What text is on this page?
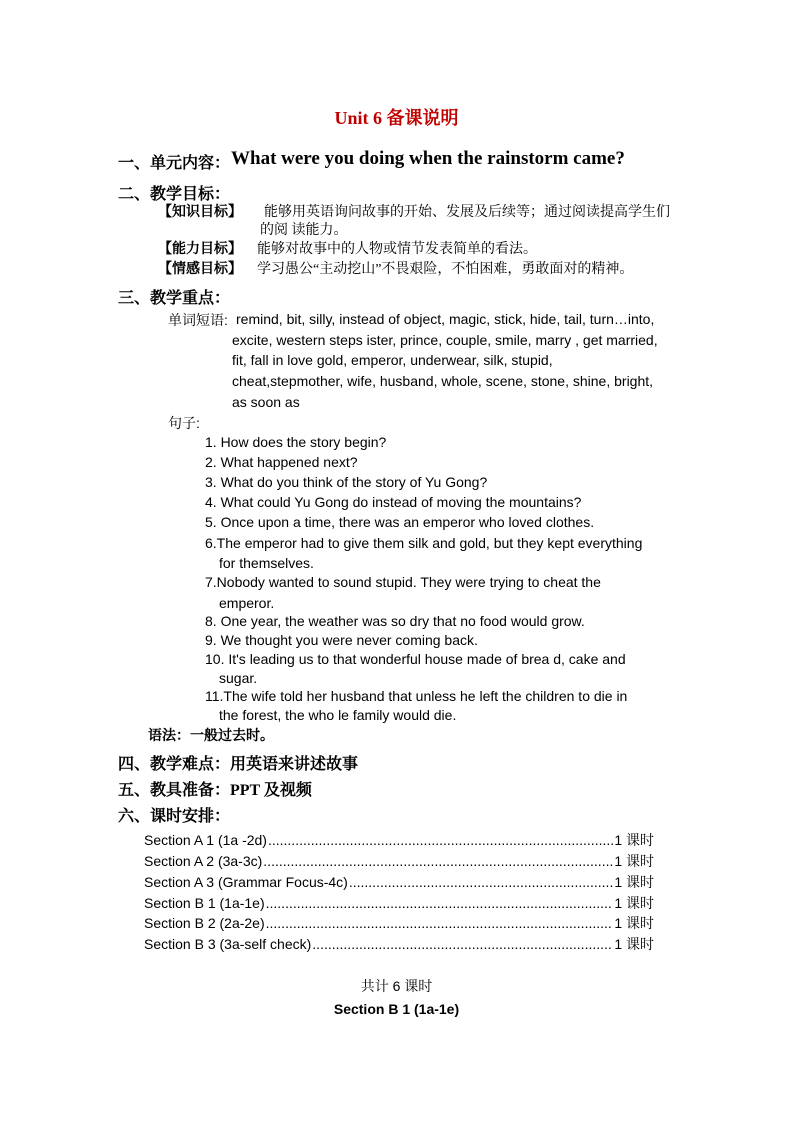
Unit 6 备课说明
一、单元内容： What were you doing when the rainstorm came?
二、教学目标：
【知识目标】 能够用英语询问故事的开始、发展及后续等；通过阅读提高学生们
的阅 读能力。
【能力目标】 能够对故事中的人物或情节发表简单的看法。
【情感目标】 学习愚公“主动挖山”不畏艰险，不怕困难，勇敢面对的精神。
三、教学重点：
单词短语: remind, bit, silly, instead of object, magic, stick, hide, tail, turn…into,
excite, western steps ister, prince, couple, smile, marry , get married,
fit, fall in love gold, emperor, underwear, silk, stupid,
cheat,stepmother, wife, husband, whole, scene, stone, shine, bright,
as soon as
句子:
1. How does the story begin?
2. What happened next?
3. What do you think of the story of Yu Gong?
4. What could Yu Gong do instead of moving the mountains?
5. Once upon a time, there was an emperor who loved clothes.
6.The emperor had to give them silk and gold, but they kept everything
for themselves.
7.Nobody wanted to sound stupid. They were trying to cheat the
emperor.
8. One year, the weather was so dry that no food would grow.
9. We thought you were never coming back.
10. It's leading us to that wonderful house made of brea d, cake and
sugar.
11.The wife told her husband that unless he left the children to die in
the forest, the who le family would die.
语法：一般过去时。
四、教学难点：用英语来讲述故事
五、教具准备：PPT 及视频
六、课时安排：
Section A 1 (1a -2d) .....	1 课时
Section A 2 (3a-3c) .....	1 课时
Section A 3 (Grammar Focus-4c) .....	1 课时
Section B 1 (1a-1e) .....	1 课时
Section B 2 (2a-2e) .....	1 课时
Section B 3 (3a-self check) .....	1 课时
共计 6 课时
Section B 1 (1a-1e)
